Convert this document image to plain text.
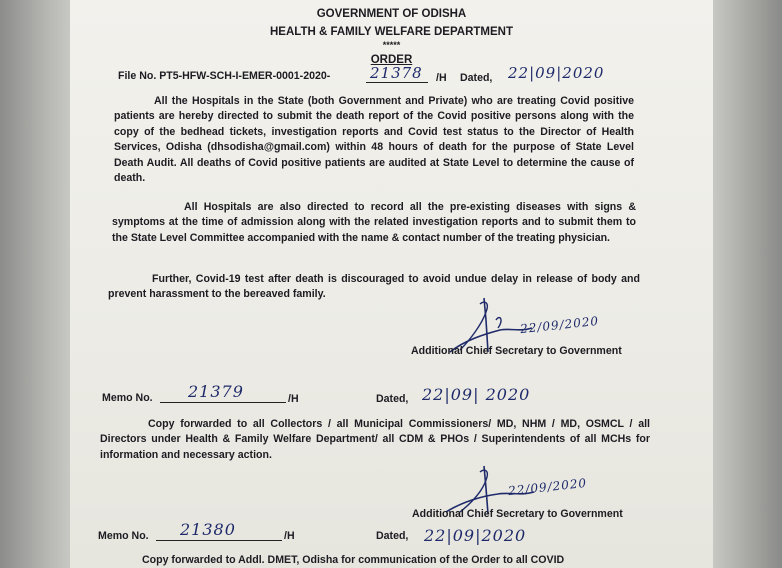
GOVERNMENT OF ODISHA
HEALTH & FAMILY WELFARE DEPARTMENT
*****
ORDER
File No. PT5-HFW-SCH-I-EMER-0001-2020-	21378 /H Dated, 22|09|2020
All the Hospitals in the State (both Government and Private) who are treating Covid positive patients are hereby directed to submit the death report of the Covid positive persons along with the copy of the bedhead tickets, investigation reports and Covid test status to the Director of Health Services, Odisha (dhsodisha@gmail.com) within 48 hours of death for the purpose of State Level Death Audit. All deaths of Covid positive patients are audited at State Level to determine the cause of death.
All Hospitals are also directed to record all the pre-existing diseases with signs & symptoms at the time of admission along with the related investigation reports and to submit them to the State Level Committee accompanied with the name & contact number of the treating physician.
Further, Covid-19 test after death is discouraged to avoid undue delay in release of body and prevent harassment to the bereaved family.
22/09/2020
Additional Chief Secretary to Government
Memo No. 21379	/H	Dated, 22|09| 2020
Copy forwarded to all Collectors / all Municipal Commissioners/ MD, NHM / MD, OSMCL / all Directors under Health & Family Welfare Department/ all CDM & PHOs / Superintendents of all MCHs for information and necessary action.
22/09/2020
Additional Chief Secretary to Government
Memo No. 21380	/H	Dated, 22|09|2020
Copy forwarded to Addl. DMET, Odisha for communication of the Order to all COVID
